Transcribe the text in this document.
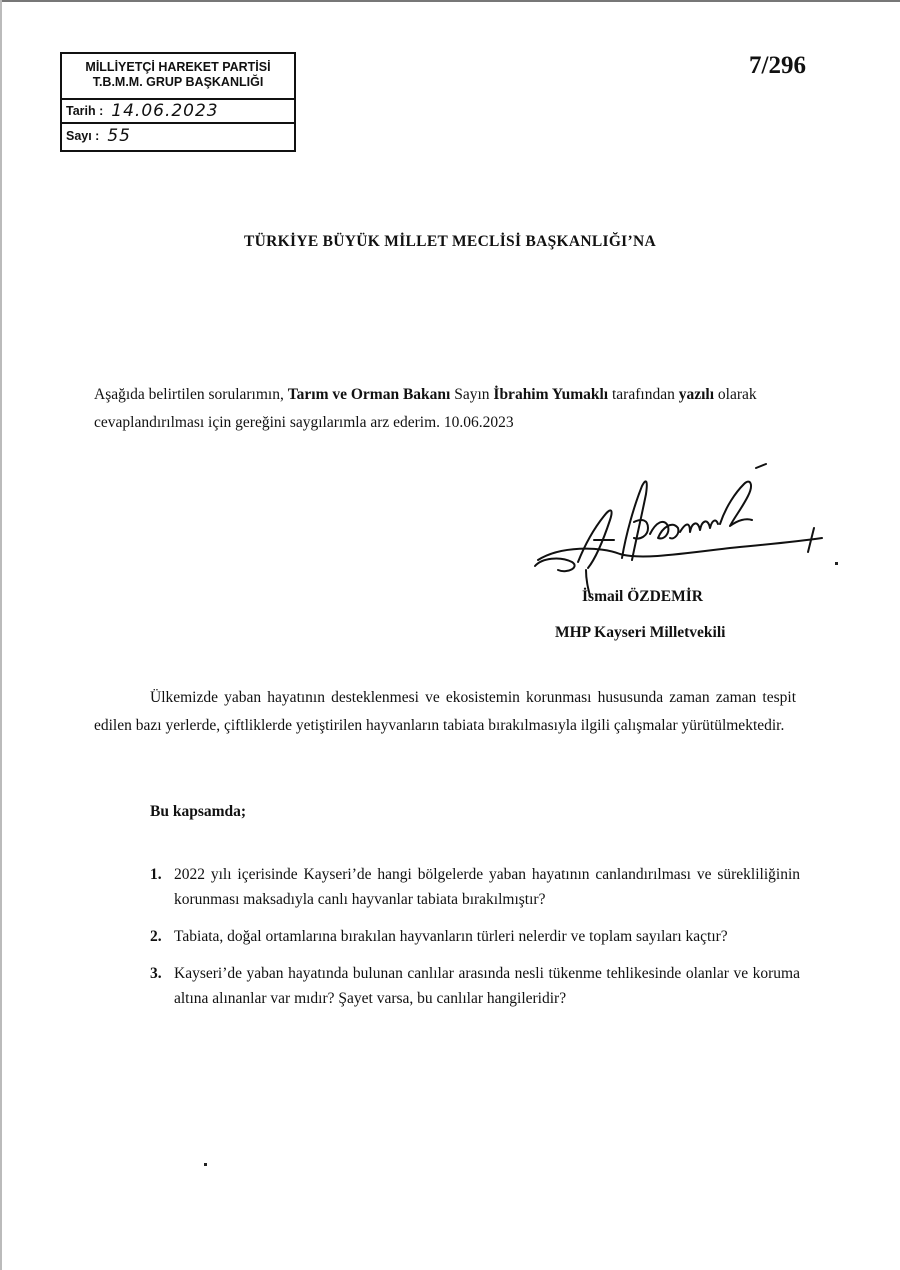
MİLLİYETÇİ HAREKET PARTİSİ
T.B.M.M. GRUP BAŞKANLIĞI
Tarih : 14.06.2023
Sayı : 55
7/296
TÜRKİYE BÜYÜK MİLLET MECLİSİ BAŞKANLIĞI’NA

Aşağıda belirtilen sorularımın, Tarım ve Orman Bakanı Sayın İbrahim Yumaklı tarafından yazılı olarak cevaplandırılması için gereğini saygılarımla arz ederim. 10.06.2023

İsmail ÖZDEMİR
MHP Kayseri Milletvekili

Ülkemizde yaban hayatının desteklenmesi ve ekosistemin korunması hususunda zaman zaman tespit edilen bazı yerlerde, çiftliklerde yetiştirilen hayvanların tabiata bırakılmasıyla ilgili çalışmalar yürütülmektedir.

Bu kapsamda;
1. 2022 yılı içerisinde Kayseri’de hangi bölgelerde yaban hayatının canlandırılması ve sürekliliğinin korunması maksadıyla canlı hayvanlar tabiata bırakılmıştır?
2. Tabiata, doğal ortamlarına bırakılan hayvanların türleri nelerdir ve toplam sayıları kaçtır?
3. Kayseri’de yaban hayatında bulunan canlılar arasında nesli tükenme tehlikesinde olanlar ve koruma altına alınanlar var mıdır? Şayet varsa, bu canlılar hangileridir?
